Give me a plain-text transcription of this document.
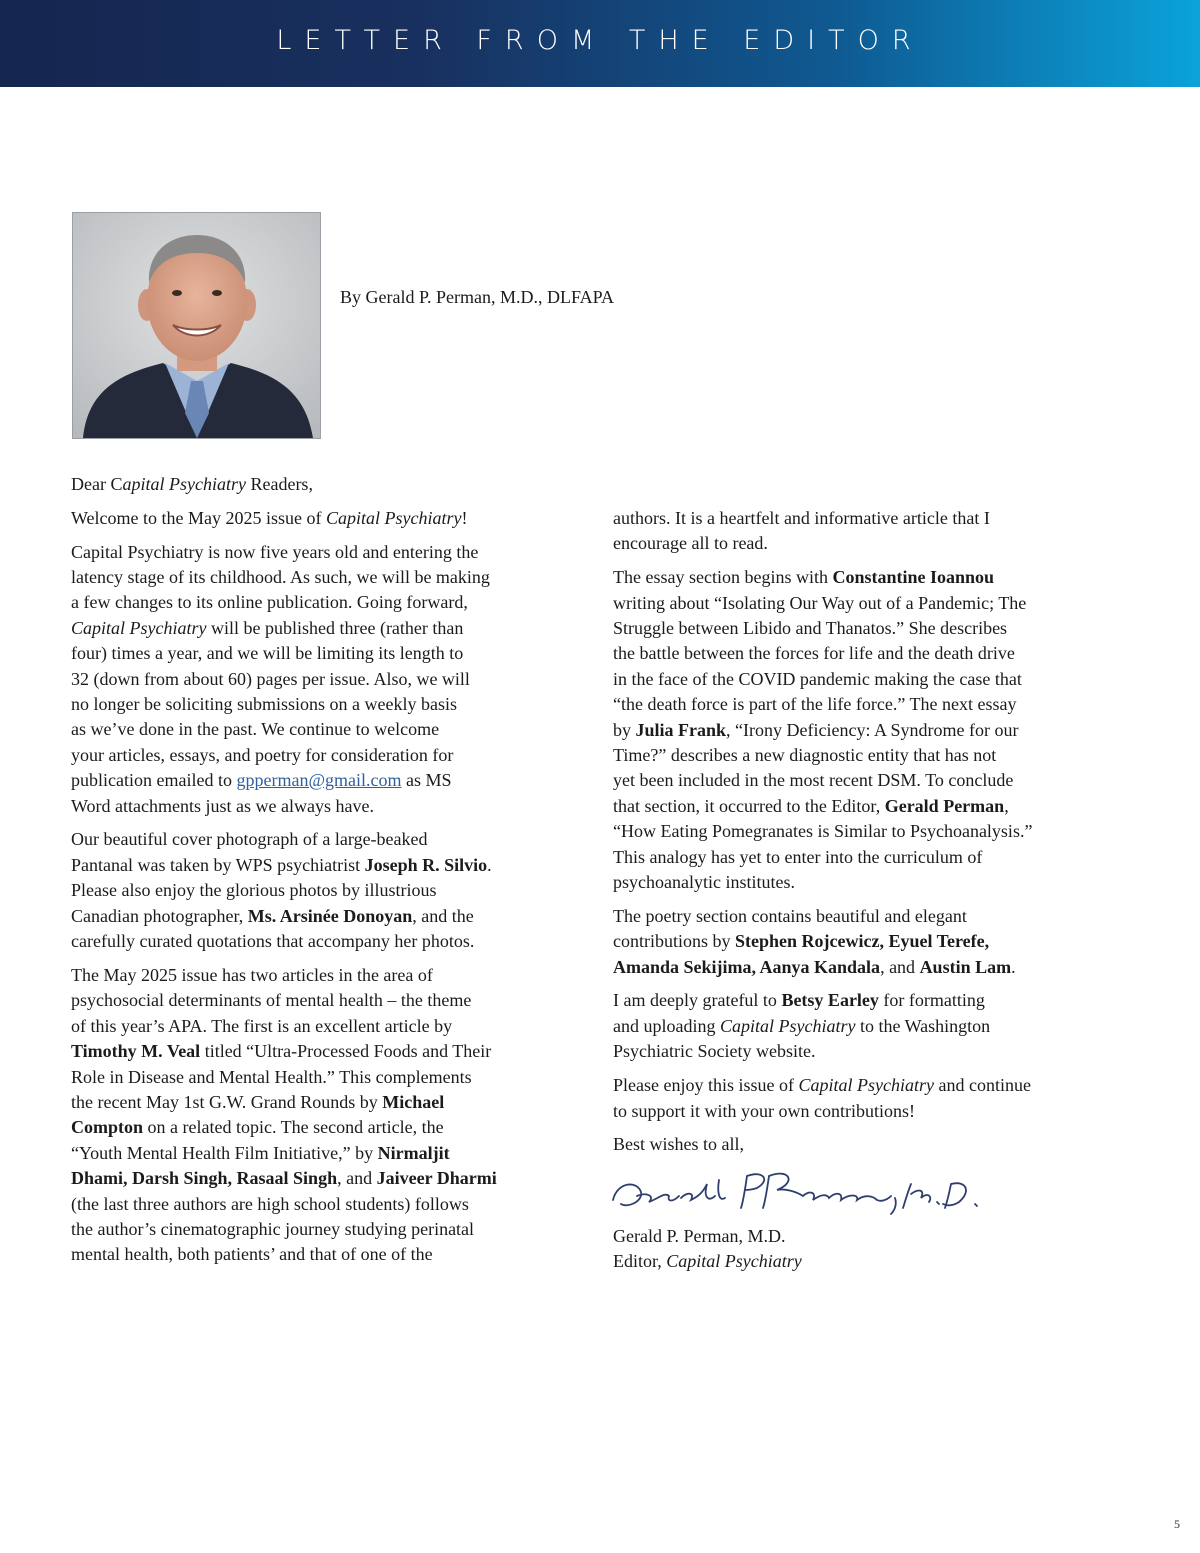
LETTER FROM THE EDITOR
By Gerald P. Perman, M.D., DLFAPA

Dear Capital Psychiatry Readers,

Welcome to the May 2025 issue of Capital Psychiatry!

Capital Psychiatry is now five years old and entering the
latency stage of its childhood. As such, we will be making
a few changes to its online publication. Going forward,
Capital Psychiatry will be published three (rather than
four) times a year, and we will be limiting its length to
32 (down from about 60) pages per issue. Also, we will
no longer be soliciting submissions on a weekly basis
as we’ve done in the past. We continue to welcome
your articles, essays, and poetry for consideration for
publication emailed to gpperman@gmail.com as MS
Word attachments just as we always have.

Our beautiful cover photograph of a large-beaked
Pantanal was taken by WPS psychiatrist Joseph R. Silvio.
Please also enjoy the glorious photos by illustrious
Canadian photographer, Ms. Arsinée Donoyan, and the
carefully curated quotations that accompany her photos.

The May 2025 issue has two articles in the area of
psychosocial determinants of mental health – the theme
of this year’s APA. The first is an excellent article by
Timothy M. Veal titled “Ultra-Processed Foods and Their
Role in Disease and Mental Health.” This complements
the recent May 1st G.W. Grand Rounds by Michael
Compton on a related topic. The second article, the
“Youth Mental Health Film Initiative,” by Nirmaljit
Dhami, Darsh Singh, Rasaal Singh, and Jaiveer Dharmi
(the last three authors are high school students) follows
the author’s cinematographic journey studying perinatal
mental health, both patients’ and that of one of the

authors. It is a heartfelt and informative article that I
encourage all to read.

The essay section begins with Constantine Ioannou
writing about “Isolating Our Way out of a Pandemic; The
Struggle between Libido and Thanatos.” She describes
the battle between the forces for life and the death drive
in the face of the COVID pandemic making the case that
“the death force is part of the life force.” The next essay
by Julia Frank, “Irony Deficiency: A Syndrome for our
Time?” describes a new diagnostic entity that has not
yet been included in the most recent DSM. To conclude
that section, it occurred to the Editor, Gerald Perman,
“How Eating Pomegranates is Similar to Psychoanalysis.”
This analogy has yet to enter into the curriculum of
psychoanalytic institutes.

The poetry section contains beautiful and elegant
contributions by Stephen Rojcewicz, Eyuel Terefe,
Amanda Sekijima, Aanya Kandala, and Austin Lam.

I am deeply grateful to Betsy Earley for formatting
and uploading Capital Psychiatry to the Washington
Psychiatric Society website.

Please enjoy this issue of Capital Psychiatry and continue
to support it with your own contributions!

Best wishes to all,

Gerald P Perman, M.D.

Gerald P. Perman, M.D.
Editor, Capital Psychiatry

5
